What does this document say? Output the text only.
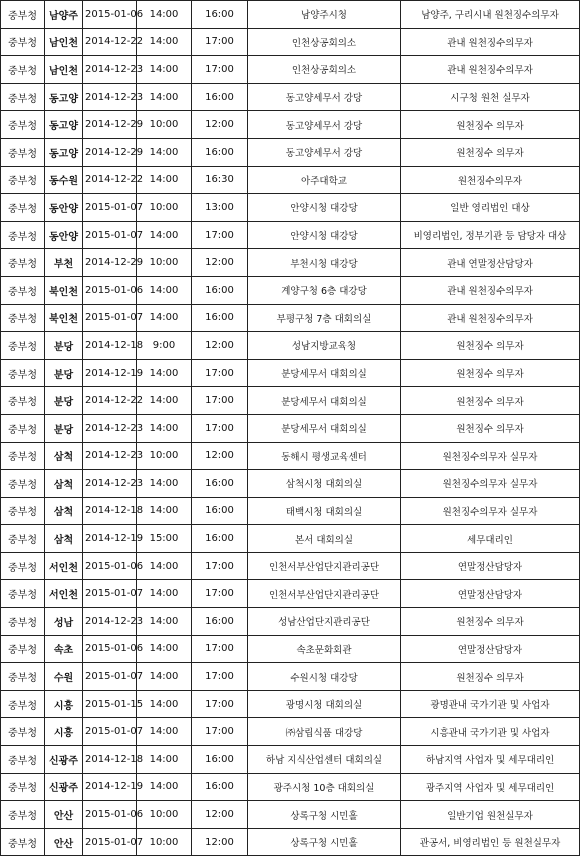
중부청	남양주	2015-01-06	14:00	16:00	남양주시청	남양주, 구리시내 원천징수의무자
중부청	남인천	2014-12-22	14:00	17:00	인천상공회의소	관내 원천징수의무자
중부청	남인천	2014-12-23	14:00	17:00	인천상공회의소	관내 원천징수의무자
중부청	동고양	2014-12-23	14:00	16:00	동고양세무서 강당	시구청 원천 실무자
중부청	동고양	2014-12-29	10:00	12:00	동고양세무서 강당	원천징수 의무자
중부청	동고양	2014-12-29	14:00	16:00	동고양세무서 강당	원천징수 의무자
중부청	동수원	2014-12-22	14:00	16:30	아주대학교	원천징수의무자
중부청	동안양	2015-01-07	10:00	13:00	안양시청 대강당	일반 영리법인 대상
중부청	동안양	2015-01-07	14:00	17:00	안양시청 대강당	비영리법인, 정부기관 등 담당자 대상
중부청	부천	2014-12-29	10:00	12:00	부천시청 대강당	관내 연말정산담당자
중부청	북인천	2015-01-06	14:00	16:00	계양구청 6층 대강당	관내 원천징수의무자
중부청	북인천	2015-01-07	14:00	16:00	부평구청 7층 대회의실	관내 원천징수의무자
중부청	분당	2014-12-18	9:00	12:00	성남지방교육청	원천징수 의무자
중부청	분당	2014-12-19	14:00	17:00	분당세무서 대회의실	원천징수 의무자
중부청	분당	2014-12-22	14:00	17:00	분당세무서 대회의실	원천징수 의무자
중부청	분당	2014-12-23	14:00	17:00	분당세무서 대회의실	원천징수 의무자
중부청	삼척	2014-12-23	10:00	12:00	동해시 평생교육센터	원천징수의무자 실무자
중부청	삼척	2014-12-23	14:00	16:00	삼척시청 대회의실	원천징수의무자 실무자
중부청	삼척	2014-12-18	14:00	16:00	태백시청 대회의실	원천징수의무자 실무자
중부청	삼척	2014-12-19	15:00	16:00	본서 대회의실	세무대리인
중부청	서인천	2015-01-06	14:00	17:00	인천서부산업단지관리공단	연말정산담당자
중부청	서인천	2015-01-07	14:00	17:00	인천서부산업단지관리공단	연말정산담당자
중부청	성남	2014-12-23	14:00	16:00	성남산업단지관리공단	원천징수 의무자
중부청	속초	2015-01-06	14:00	17:00	속초문화회관	연말정산담당자
중부청	수원	2015-01-07	14:00	17:00	수원시청 대강당	원천징수 의무자
중부청	시흥	2015-01-15	14:00	17:00	광명시청 대회의실	광명관내 국가기관 및 사업자
중부청	시흥	2015-01-07	14:00	17:00	㈜삼립식품 대강당	시흥관내 국가기관 및 사업자
중부청	신광주	2014-12-18	14:00	16:00	하남 지식산업센터 대회의실	하남지역 사업자 및 세무대리인
중부청	신광주	2014-12-19	14:00	16:00	광주시청 10층 대회의실	광주지역 사업자 및 세무대리인
중부청	안산	2015-01-06	10:00	12:00	상록구청 시민홀	일반기업 원천실무자
중부청	안산	2015-01-07	10:00	12:00	상록구청 시민홀	관공서, 비영리법인 등 원천실무자
